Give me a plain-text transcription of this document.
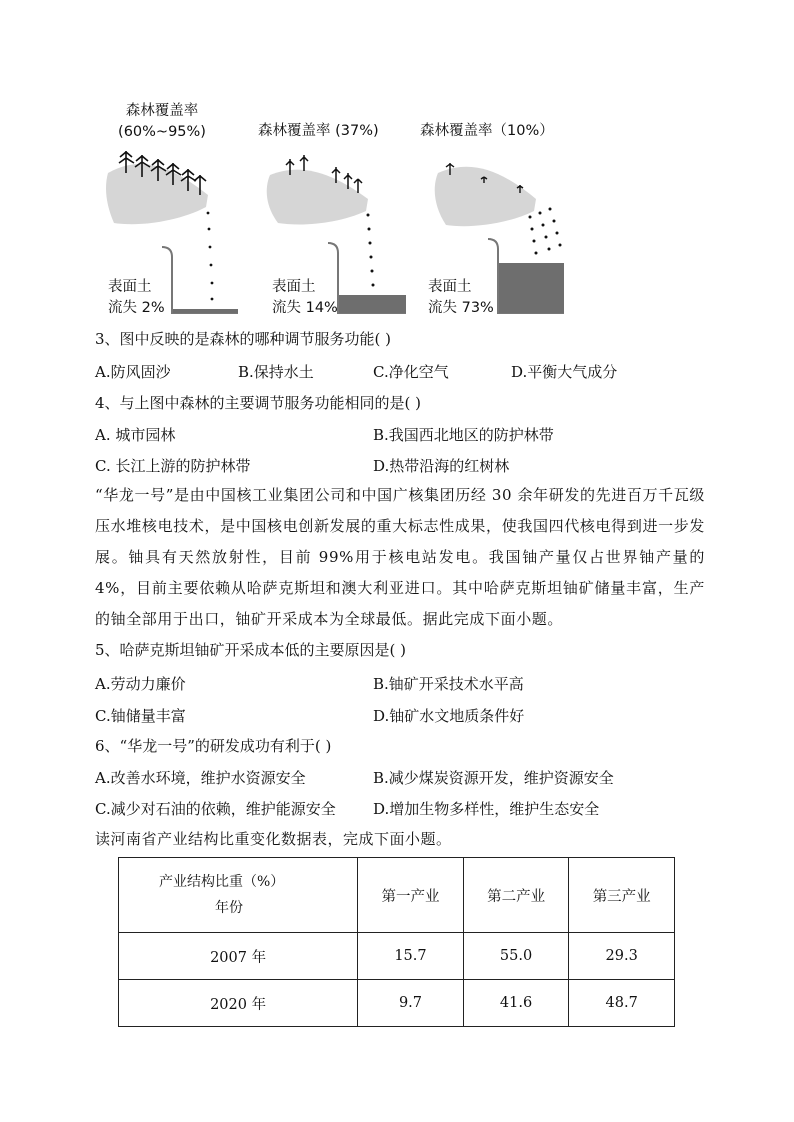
森林覆盖率
(60%~95%)	森林覆盖率 (37%)	森林覆盖率（10%）
表面土
流失 2%
表面土
流失 14%
表面土
流失 73%
3、图中反映的是森林的哪种调节服务功能( )
A.防风固沙	B.保持水土	C.净化空气	D.平衡大气成分
4、与上图中森林的主要调节服务功能相同的是( )
A. 城市园林	B.我国西北地区的防护林带
C. 长江上游的防护林带	D.热带沿海的红树林
“华龙一号”是由中国核工业集团公司和中国广核集团历经 30 余年研发的先进百万千瓦级压水堆核电技术，是中国核电创新发展的重大标志性成果，使我国四代核电得到进一步发展。铀具有天然放射性，目前 99%用于核电站发电。我国铀产量仅占世界铀产量的 4%，目前主要依赖从哈萨克斯坦和澳大利亚进口。其中哈萨克斯坦铀矿储量丰富，生产的铀全部用于出口，铀矿开采成本为全球最低。据此完成下面小题。
5、哈萨克斯坦铀矿开采成本低的主要原因是( )
A.劳动力廉价	B.铀矿开采技术水平高
C.铀储量丰富	D.铀矿水文地质条件好
6、“华龙一号”的研发成功有利于( )
A.改善水环境，维护水资源安全	B.减少煤炭资源开发，维护资源安全
C.减少对石油的依赖，维护能源安全 D.增加生物多样性，维护生态安全
读河南省产业结构比重变化数据表，完成下面小题。
产业结构比重（%）
年份	第一产业	第二产业	第三产业
2007 年	15.7	55.0	29.3
2020 年	9.7	41.6	48.7
